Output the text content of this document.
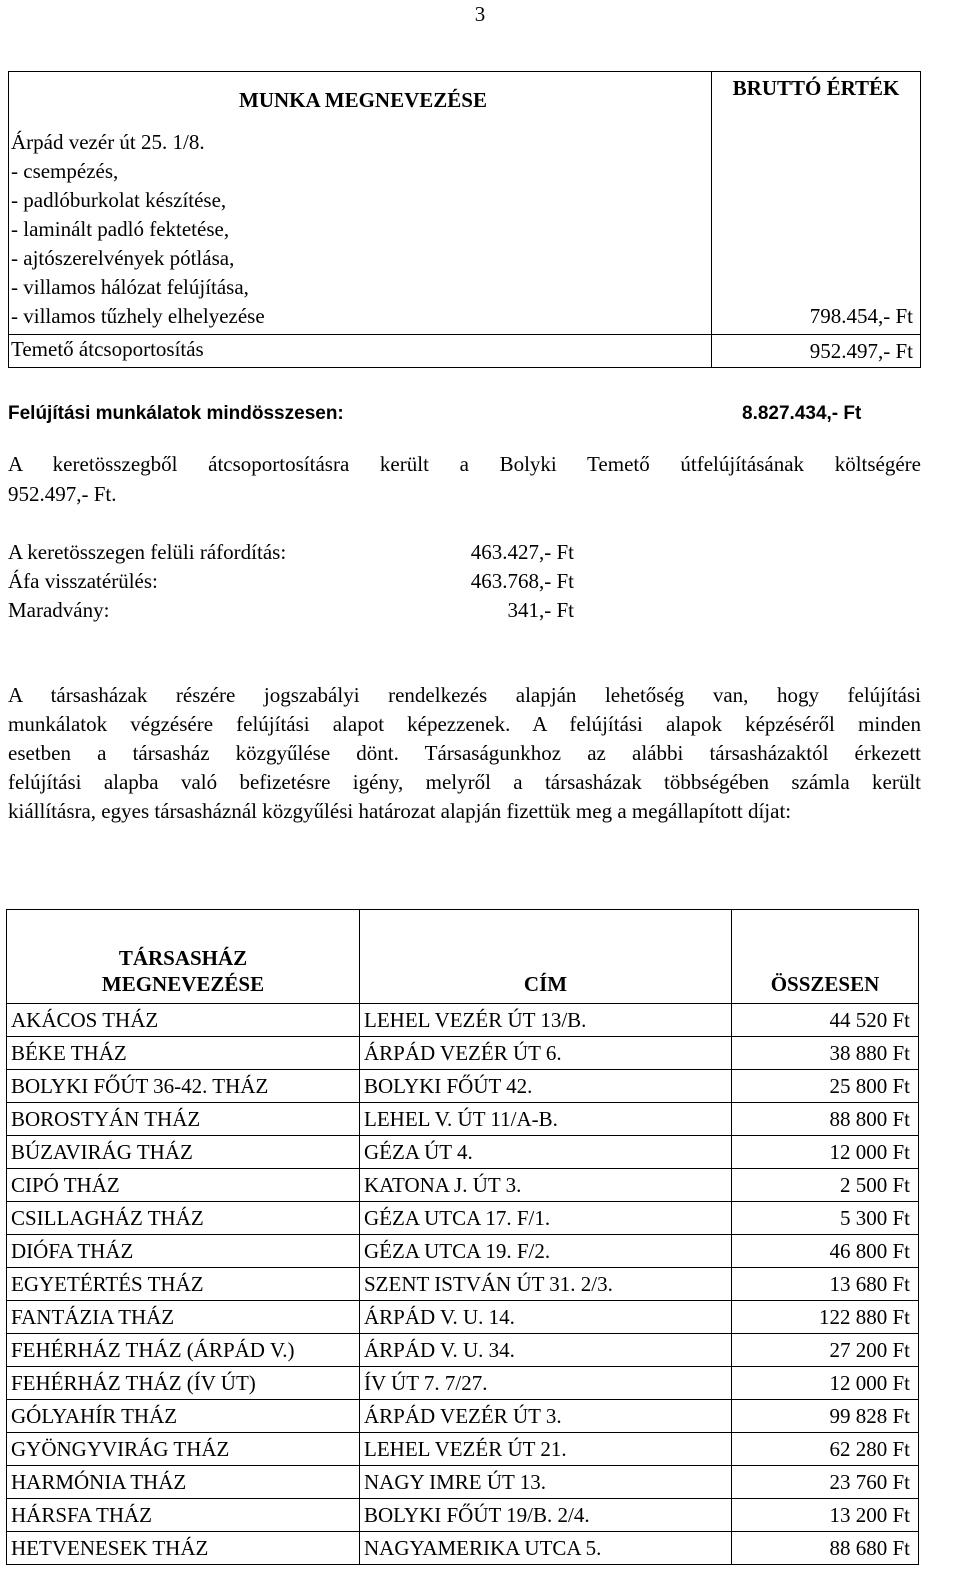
3
MUNKA MEGNEVEZÉSE	BRUTTÓ ÉRTÉK
Árpád vezér út 25. 1/8.
- csempézés,
- padlóburkolat készítése,
- laminált padló fektetése,
- ajtószerelvények pótlása,
- villamos hálózat felújítása,
- villamos tűzhely elhelyezése	798.454,- Ft
Temető átcsoportosítás	952.497,- Ft
Felújítási munkálatok mindösszesen:	8.827.434,- Ft
A keretösszegből átcsoportosításra került a Bolyki Temető útfelújításának költségére
952.497,- Ft.
A keretösszegen felüli ráfordítás:	463.427,- Ft
Áfa visszatérülés:	463.768,- Ft
Maradvány:	341,- Ft
A társasházak részére jogszabályi rendelkezés alapján lehetőség van, hogy felújítási
munkálatok végzésére felújítási alapot képezzenek. A felújítási alapok képzéséről minden
esetben a társasház közgyűlése dönt. Társaságunkhoz az alábbi társasházaktól érkezett
felújítási alapba való befizetésre igény, melyről a társasházak többségében számla került
kiállításra, egyes társasháznál közgyűlési határozat alapján fizettük meg a megállapított díjat:
TÁRSASHÁZ MEGNEVEZÉSE	CÍM	ÖSSZESEN
AKÁCOS THÁZ	LEHEL VEZÉR ÚT 13/B.	44 520 Ft
BÉKE THÁZ	ÁRPÁD VEZÉR ÚT 6.	38 880 Ft
BOLYKI FŐÚT 36-42. THÁZ	BOLYKI FŐÚT 42.	25 800 Ft
BOROSTYÁN THÁZ	LEHEL V. ÚT 11/A-B.	88 800 Ft
BÚZAVIRÁG THÁZ	GÉZA ÚT 4.	12 000 Ft
CIPÓ THÁZ	KATONA J. ÚT 3.	2 500 Ft
CSILLAGHÁZ THÁZ	GÉZA UTCA 17. F/1.	5 300 Ft
DIÓFA THÁZ	GÉZA UTCA 19. F/2.	46 800 Ft
EGYETÉRTÉS THÁZ	SZENT ISTVÁN ÚT 31. 2/3.	13 680 Ft
FANTÁZIA THÁZ	ÁRPÁD V. U. 14.	122 880 Ft
FEHÉRHÁZ THÁZ (ÁRPÁD V.)	ÁRPÁD V. U. 34.	27 200 Ft
FEHÉRHÁZ THÁZ (ÍV ÚT)	ÍV ÚT 7. 7/27.	12 000 Ft
GÓLYAHÍR THÁZ	ÁRPÁD VEZÉR ÚT 3.	99 828 Ft
GYÖNGYVIRÁG THÁZ	LEHEL VEZÉR ÚT 21.	62 280 Ft
HARMÓNIA THÁZ	NAGY IMRE ÚT 13.	23 760 Ft
HÁRSFA THÁZ	BOLYKI FŐÚT 19/B. 2/4.	13 200 Ft
HETVENESEK THÁZ	NAGYAMERIKA UTCA 5.	88 680 Ft
